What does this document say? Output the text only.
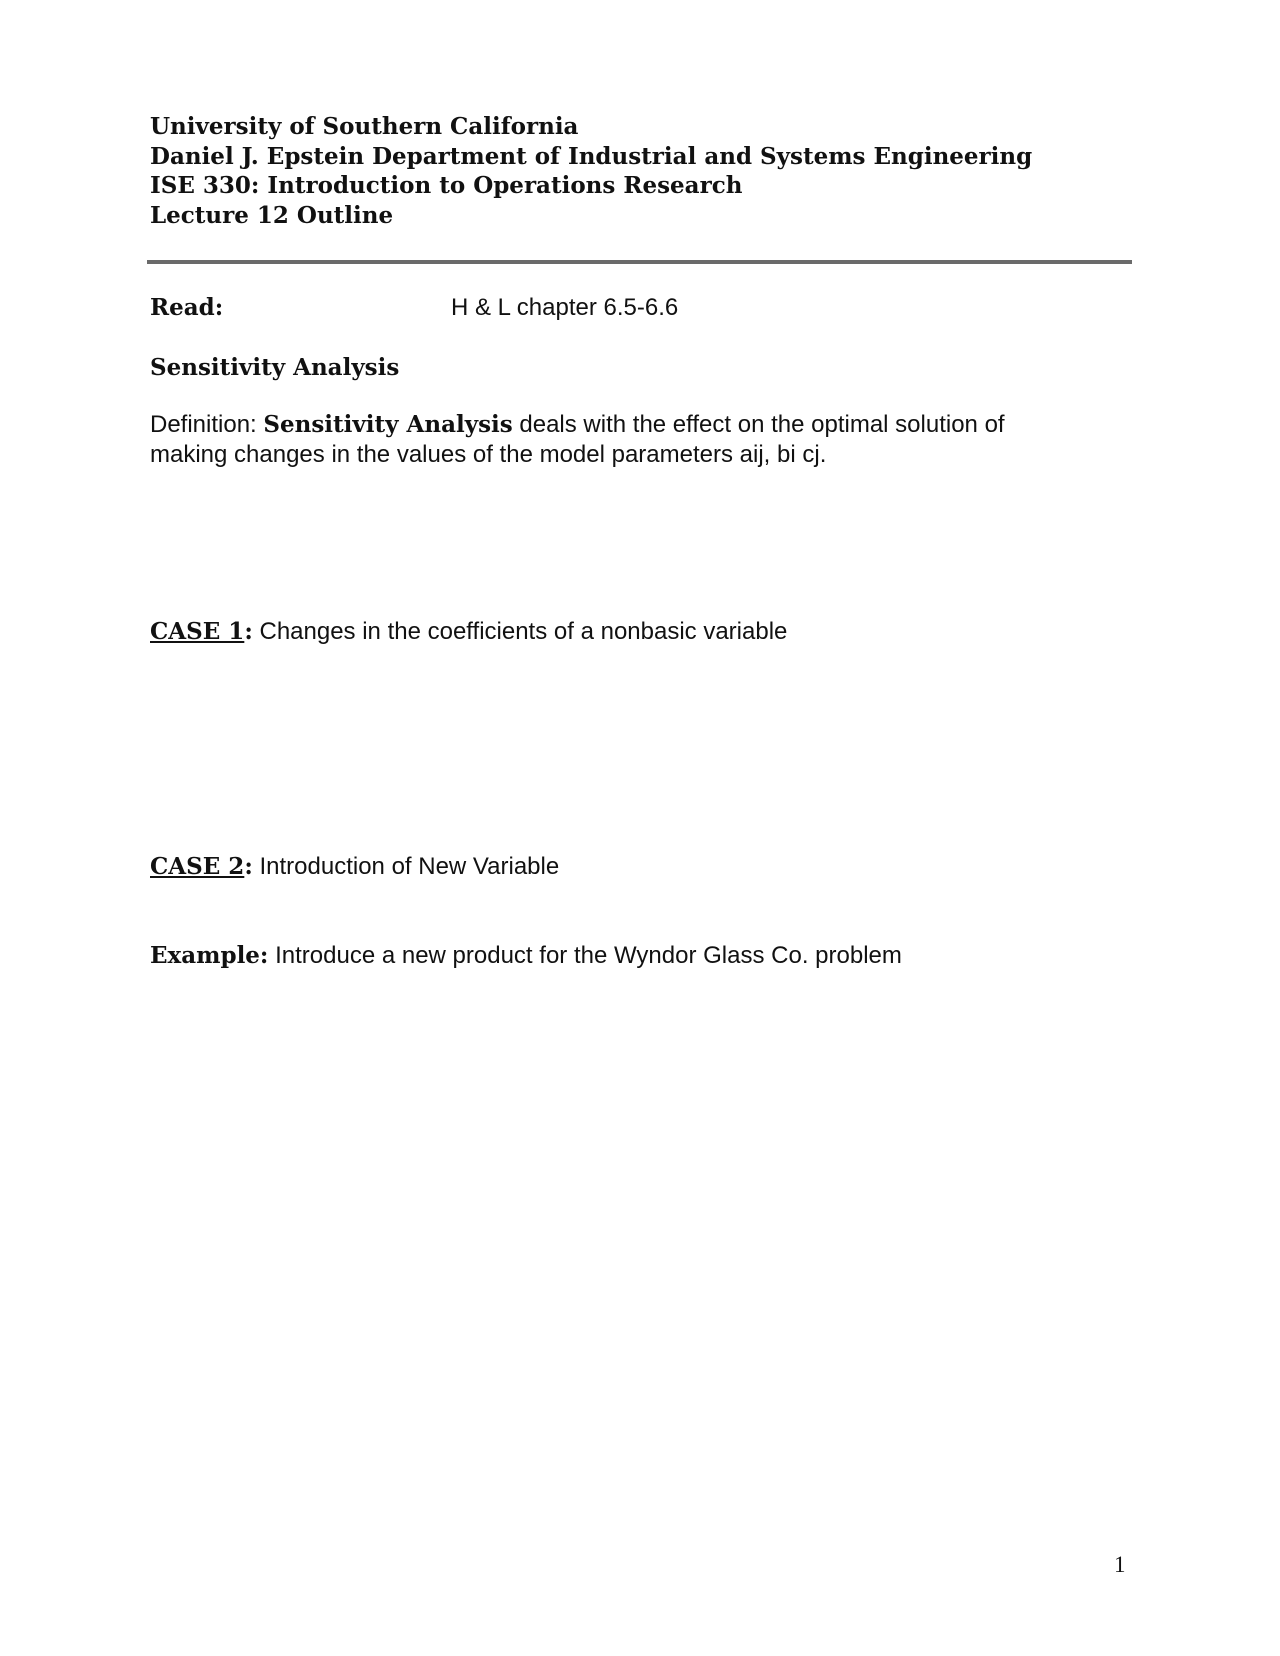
University of Southern California
Daniel J. Epstein Department of Industrial and Systems Engineering
ISE 330: Introduction to Operations Research
Lecture 12 Outline
Read:	H & L chapter 6.5-6.6
Sensitivity Analysis
Definition: Sensitivity Analysis deals with the effect on the optimal solution of
making changes in the values of the model parameters aij, bi cj.
CASE 1: Changes in the coefficients of a nonbasic variable
CASE 2: Introduction of New Variable
Example: Introduce a new product for the Wyndor Glass Co. problem
1
